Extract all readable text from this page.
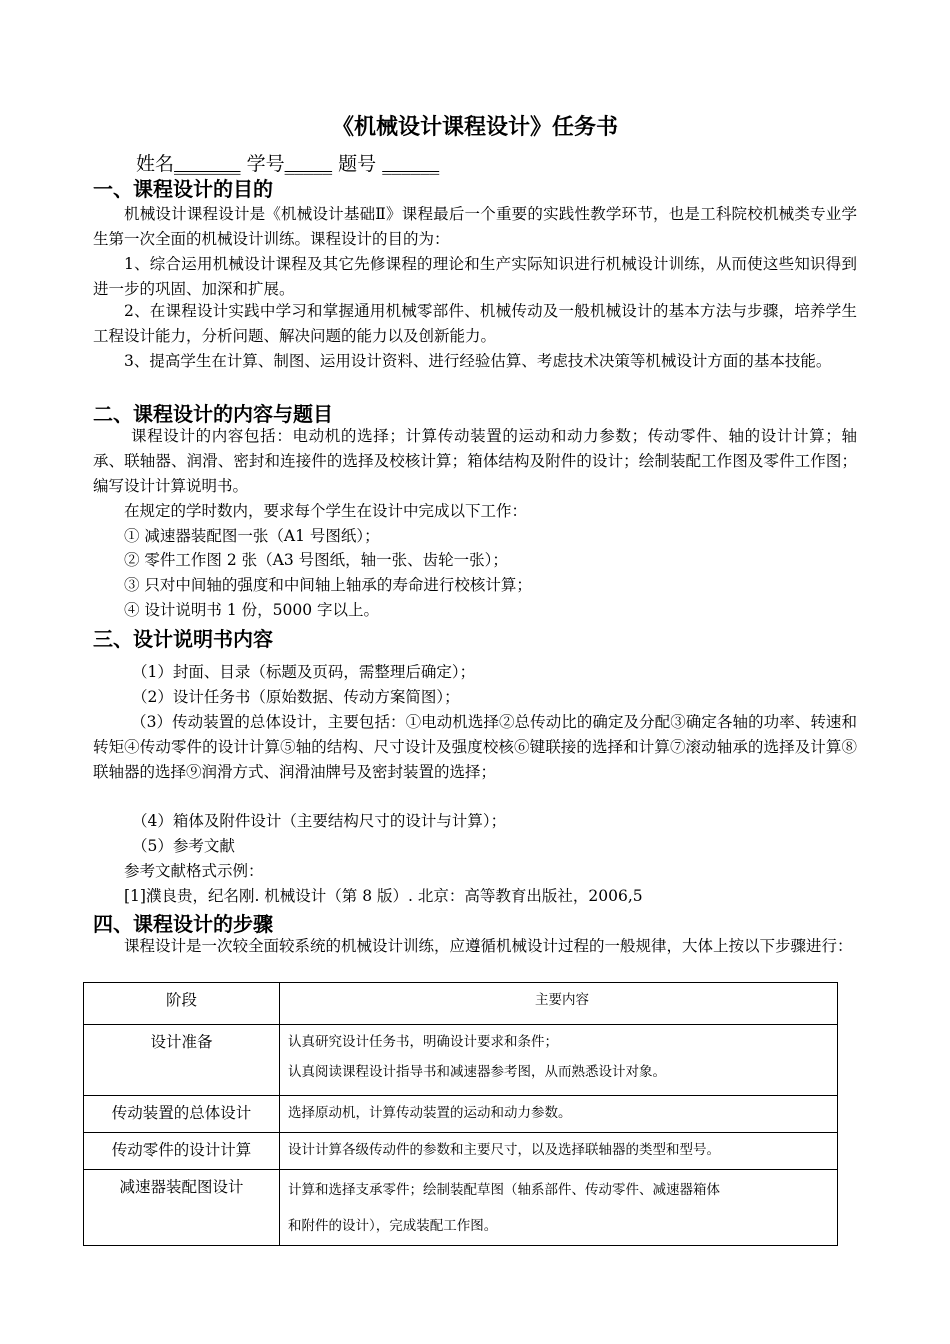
《机械设计课程设计》任务书
姓名_______ 学号_____ 题号 ______
一、课程设计的目的
机械设计课程设计是《机械设计基础Ⅱ》课程最后一个重要的实践性教学环节，也是工科院校机械类专业学生第一次全面的机械设计训练。课程设计的目的为：
1、综合运用机械设计课程及其它先修课程的理论和生产实际知识进行机械设计训练，从而使这些知识得到进一步的巩固、加深和扩展。
2、在课程设计实践中学习和掌握通用机械零部件、机械传动及一般机械设计的基本方法与步骤，培养学生工程设计能力，分析问题、解决问题的能力以及创新能力。
3、提高学生在计算、制图、运用设计资料、进行经验估算、考虑技术决策等机械设计方面的基本技能。
二、课程设计的内容与题目
课程设计的内容包括：电动机的选择；计算传动装置的运动和动力参数；传动零件、轴的设计计算；轴承、联轴器、润滑、密封和连接件的选择及校核计算；箱体结构及附件的设计；绘制装配工作图及零件工作图；编写设计计算说明书。
在规定的学时数内，要求每个学生在设计中完成以下工作：
① 减速器装配图一张（A1 号图纸）；
② 零件工作图 2 张（A3 号图纸，轴一张、齿轮一张）；
③ 只对中间轴的强度和中间轴上轴承的寿命进行校核计算；
④ 设计说明书 1 份，5000 字以上。
三、设计说明书内容
（1）封面、目录（标题及页码，需整理后确定）；
（2）设计任务书（原始数据、传动方案简图）；
（3）传动装置的总体设计，主要包括：①电动机选择②总传动比的确定及分配③确定各轴的功率、转速和转矩④传动零件的设计计算⑤轴的结构、尺寸设计及强度校核⑥键联接的选择和计算⑦滚动轴承的选择及计算⑧联轴器的选择⑨润滑方式、润滑油牌号及密封装置的选择；
（4）箱体及附件设计（主要结构尺寸的设计与计算）；
（5）参考文献
参考文献格式示例：
[1]濮良贵，纪名刚. 机械设计（第 8 版）. 北京：高等教育出版社，2006,5
四、课程设计的步骤
课程设计是一次较全面较系统的机械设计训练，应遵循机械设计过程的一般规律，大体上按以下步骤进行：
阶段	主要内容
设计准备	认真研究设计任务书，明确设计要求和条件；
认真阅读课程设计指导书和减速器参考图，从而熟悉设计对象。

传动装置的总体设计	选择原动机，计算传动装置的运动和动力参数。

传动零件的设计计算	设计计算各级传动件的参数和主要尺寸，以及选择联轴器的类型和型号。

减速器装配图设计	计算和选择支承零件；绘制装配草图（轴系部件、传动零件、减速器箱体
和附件的设计），完成装配工作图。
